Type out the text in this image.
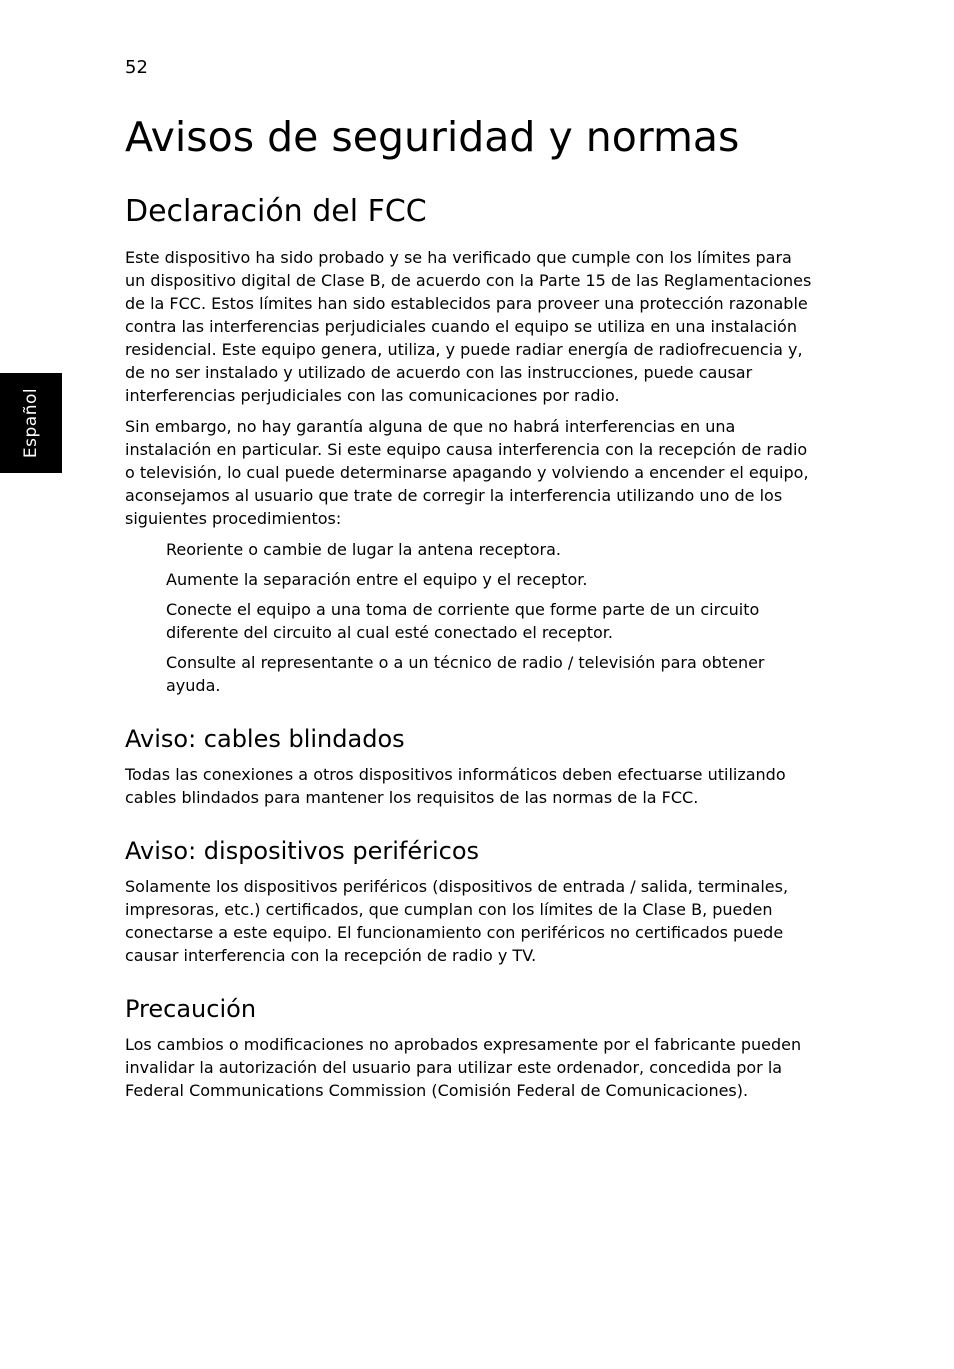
52
Español
Avisos de seguridad y normas
Declaración del FCC

Este dispositivo ha sido probado y se ha verificado que cumple con los límites para un dispositivo digital de Clase B, de acuerdo con la Parte 15 de las Reglamentaciones de la FCC. Estos límites han sido establecidos para proveer una protección razonable contra las interferencias perjudiciales cuando el equipo se utiliza en una instalación residencial. Este equipo genera, utiliza, y puede radiar energía de radiofrecuencia y, de no ser instalado y utilizado de acuerdo con las instrucciones, puede causar interferencias perjudiciales con las comunicaciones por radio.

Sin embargo, no hay garantía alguna de que no habrá interferencias en una instalación en particular. Si este equipo causa interferencia con la recepción de radio o televisión, lo cual puede determinarse apagando y volviendo a encender el equipo, aconsejamos al usuario que trate de corregir la interferencia utilizando uno de los siguientes procedimientos:

Reoriente o cambie de lugar la antena receptora.
Aumente la separación entre el equipo y el receptor.
Conecte el equipo a una toma de corriente que forme parte de un circuito diferente del circuito al cual esté conectado el receptor.
Consulte al representante o a un técnico de radio / televisión para obtener ayuda.
Aviso: cables blindados

Todas las conexiones a otros dispositivos informáticos deben efectuarse utilizando cables blindados para mantener los requisitos de las normas de la FCC.

Aviso: dispositivos periféricos

Solamente los dispositivos periféricos (dispositivos de entrada / salida, terminales, impresoras, etc.) certificados, que cumplan con los límites de la Clase B, pueden conectarse a este equipo. El funcionamiento con periféricos no certificados puede causar interferencia con la recepción de radio y TV.

Precaución

Los cambios o modificaciones no aprobados expresamente por el fabricante pueden invalidar la autorización del usuario para utilizar este ordenador, concedida por la Federal Communications Commission (Comisión Federal de Comunicaciones).
